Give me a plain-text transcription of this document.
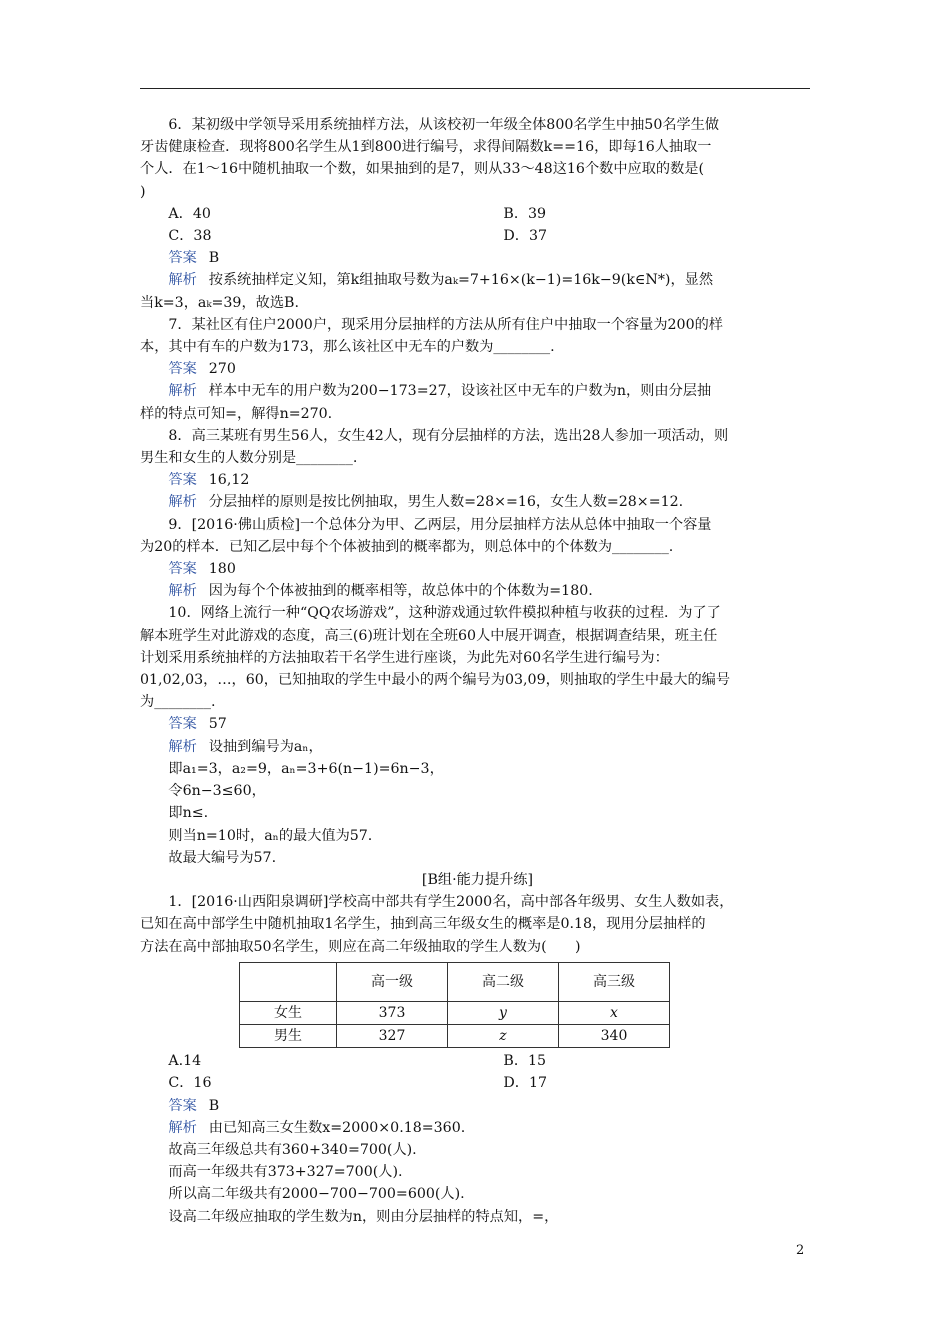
6．某初级中学领导采用系统抽样方法，从该校初一年级全体800名学生中抽50名学生做

牙齿健康检查．现将800名学生从1到800进行编号，求得间隔数k==16，即每16人抽取一

个人．在1～16中随机抽取一个数，如果抽到的是7，则从33～48这16个数中应取的数是(

)

A．40	B．39
C．38	D．37

答案 B

解析 按系统抽样定义知，第k组抽取号数为aₖ=7+16×(k−1)=16k−9(k∈N*)，显然

当k=3，aₖ=39，故选B.

7．某社区有住户2000户，现采用分层抽样的方法从所有住户中抽取一个容量为200的样

本，其中有车的户数为173，那么该社区中无车的户数为________.

答案 270

解析 样本中无车的用户数为200−173=27，设该社区中无车的户数为n，则由分层抽

样的特点可知=，解得n=270.

8．高三某班有男生56人，女生42人，现有分层抽样的方法，选出28人参加一项活动，则

男生和女生的人数分别是________.

答案 16,12

解析 分层抽样的原则是按比例抽取，男生人数=28×=16，女生人数=28×=12.

9．[2016·佛山质检]一个总体分为甲、乙两层，用分层抽样方法从总体中抽取一个容量

为20的样本．已知乙层中每个个体被抽到的概率都为，则总体中的个体数为________.

答案 180

解析 因为每个个体被抽到的概率相等，故总体中的个体数为=180.

10．网络上流行一种“QQ农场游戏”，这种游戏通过软件模拟种植与收获的过程．为了了

解本班学生对此游戏的态度，高三(6)班计划在全班60人中展开调查，根据调查结果，班主任

计划采用系统抽样的方法抽取若干名学生进行座谈，为此先对60名学生进行编号为：

01,02,03，…，60，已知抽取的学生中最小的两个编号为03,09，则抽取的学生中最大的编号

为________.

答案 57

解析 设抽到编号为aₙ，

即a₁=3，a₂=9，aₙ=3+6(n−1)=6n−3，

令6n−3≤60，

即n≤.

则当n=10时，aₙ的最大值为57.

故最大编号为57.

[B组·能力提升练]

1．[2016·山西阳泉调研]学校高中部共有学生2000名，高中部各年级男、女生人数如表，

已知在高中部学生中随机抽取1名学生，抽到高三年级女生的概率是0.18，现用分层抽样的

方法在高中部抽取50名学生，则应在高二年级抽取的学生人数为(　　)

	高一级	高二级	高三级
女生	373	y	x
男生	327	z	340
A.14	B．15
C．16	D．17

答案 B

解析 由已知高三女生数x=2000×0.18=360.

故高三年级总共有360+340=700(人).

而高一年级共有373+327=700(人).

所以高二年级共有2000−700−700=600(人).

设高二年级应抽取的学生数为n，则由分层抽样的特点知，=，

2
